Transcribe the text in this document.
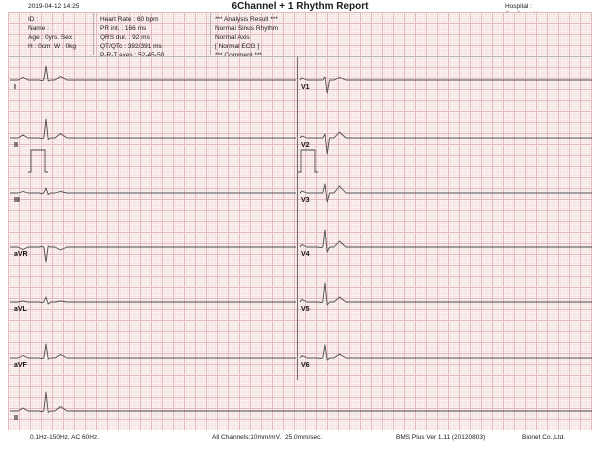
2019-04-12 14:25	6Channel + 1 Rhythm Report	Hospital :
ID :
Name :
Age : 0yrs. Sex :
H : 0cm  W : 0kg
Heart Rate : 60 bpm
PR int. : 166 ms
QRS dur. : 92 ms
QT/QTc : 392/391 ms
*** Analysis Result ***
Normal Sinus Rhythm
Normal Axis
[ Normal ECG ]
I
II
III
aVR
aVL
aVF
V1
V2
V3
V4
V5
V6
II
0.1Hz-150Hz, AC 60Hz.	All Channels:10mm/mV. 25.0mm/sec.	BMS Plus Ver 1.11 (20120803)	Bionet Co.,Ltd.
